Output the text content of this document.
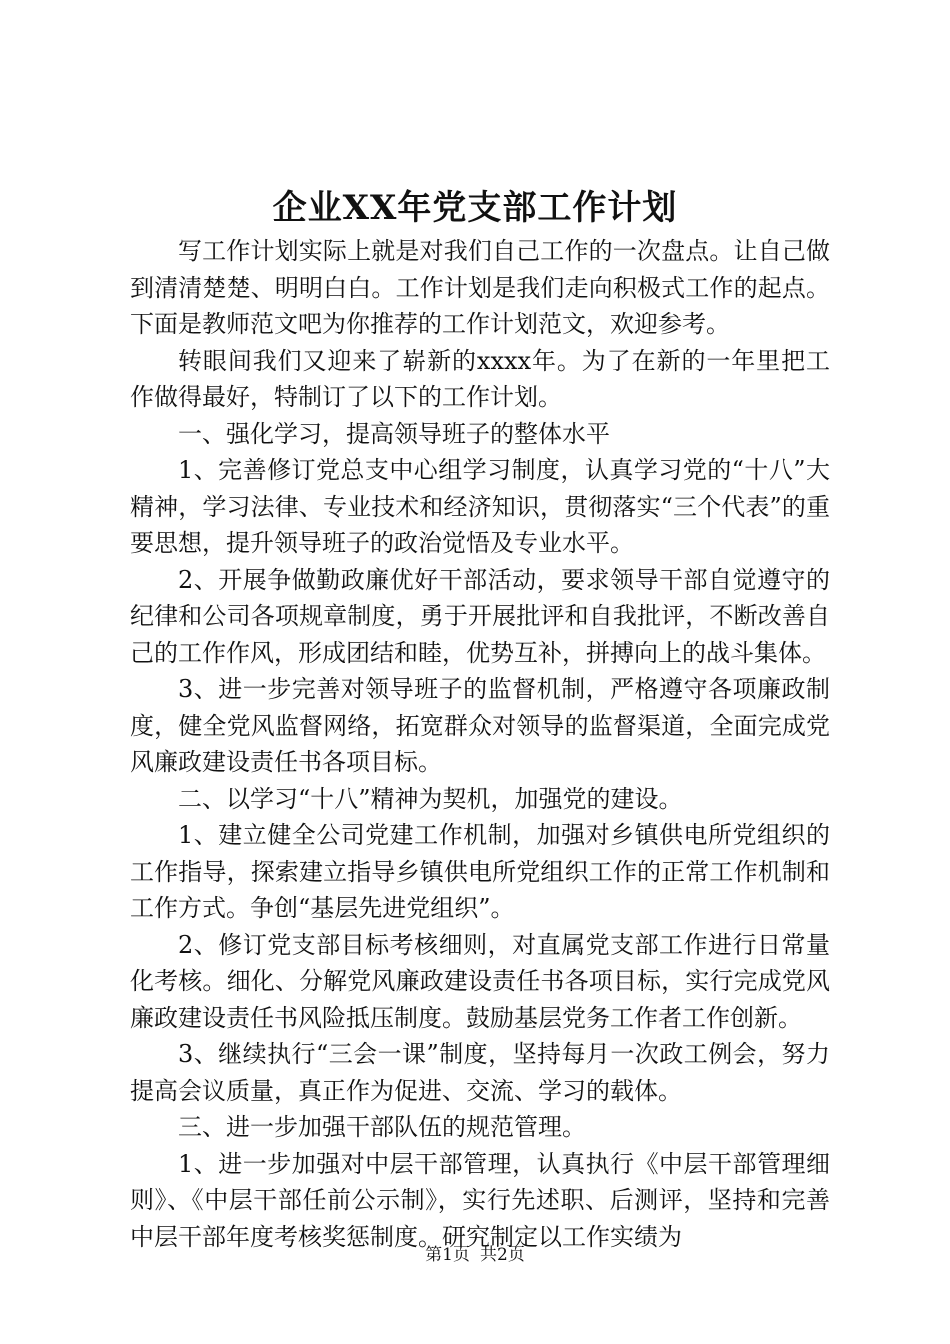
企业XX年党支部工作计划

写工作计划实际上就是对我们自己工作的一次盘点。让自己做到清清楚楚、明明白白。工作计划是我们走向积极式工作的起点。下面是教师范文吧为你推荐的工作计划范文，欢迎参考。

转眼间我们又迎来了崭新的xxxx年。为了在新的一年里把工作做得最好，特制订了以下的工作计划。

一、强化学习，提高领导班子的整体水平

1、完善修订党总支中心组学习制度，认真学习党的“十八”大精神，学习法律、专业技术和经济知识，贯彻落实“三个代表”的重要思想，提升领导班子的政治觉悟及专业水平。

2、开展争做勤政廉优好干部活动，要求领导干部自觉遵守的纪律和公司各项规章制度，勇于开展批评和自我批评，不断改善自己的工作作风，形成团结和睦，优势互补，拼搏向上的战斗集体。

3、进一步完善对领导班子的监督机制，严格遵守各项廉政制度，健全党风监督网络，拓宽群众对领导的监督渠道，全面完成党风廉政建设责任书各项目标。

二、以学习“十八”精神为契机，加强党的建设。

1、建立健全公司党建工作机制，加强对乡镇供电所党组织的工作指导，探索建立指导乡镇供电所党组织工作的正常工作机制和工作方式。争创“基层先进党组织”。

2、修订党支部目标考核细则，对直属党支部工作进行日常量化考核。细化、分解党风廉政建设责任书各项目标，实行完成党风廉政建设责任书风险抵压制度。鼓励基层党务工作者工作创新。

3、继续执行“三会一课”制度，坚持每月一次政工例会，努力提高会议质量，真正作为促进、交流、学习的载体。

三、进一步加强干部队伍的规范管理。

1、进一步加强对中层干部管理，认真执行《中层干部管理细则》、《中层干部任前公示制》，实行先述职、后测评，坚持和完善中层干部年度考核奖惩制度。研究制定以工作实绩为

第1页 共2页
